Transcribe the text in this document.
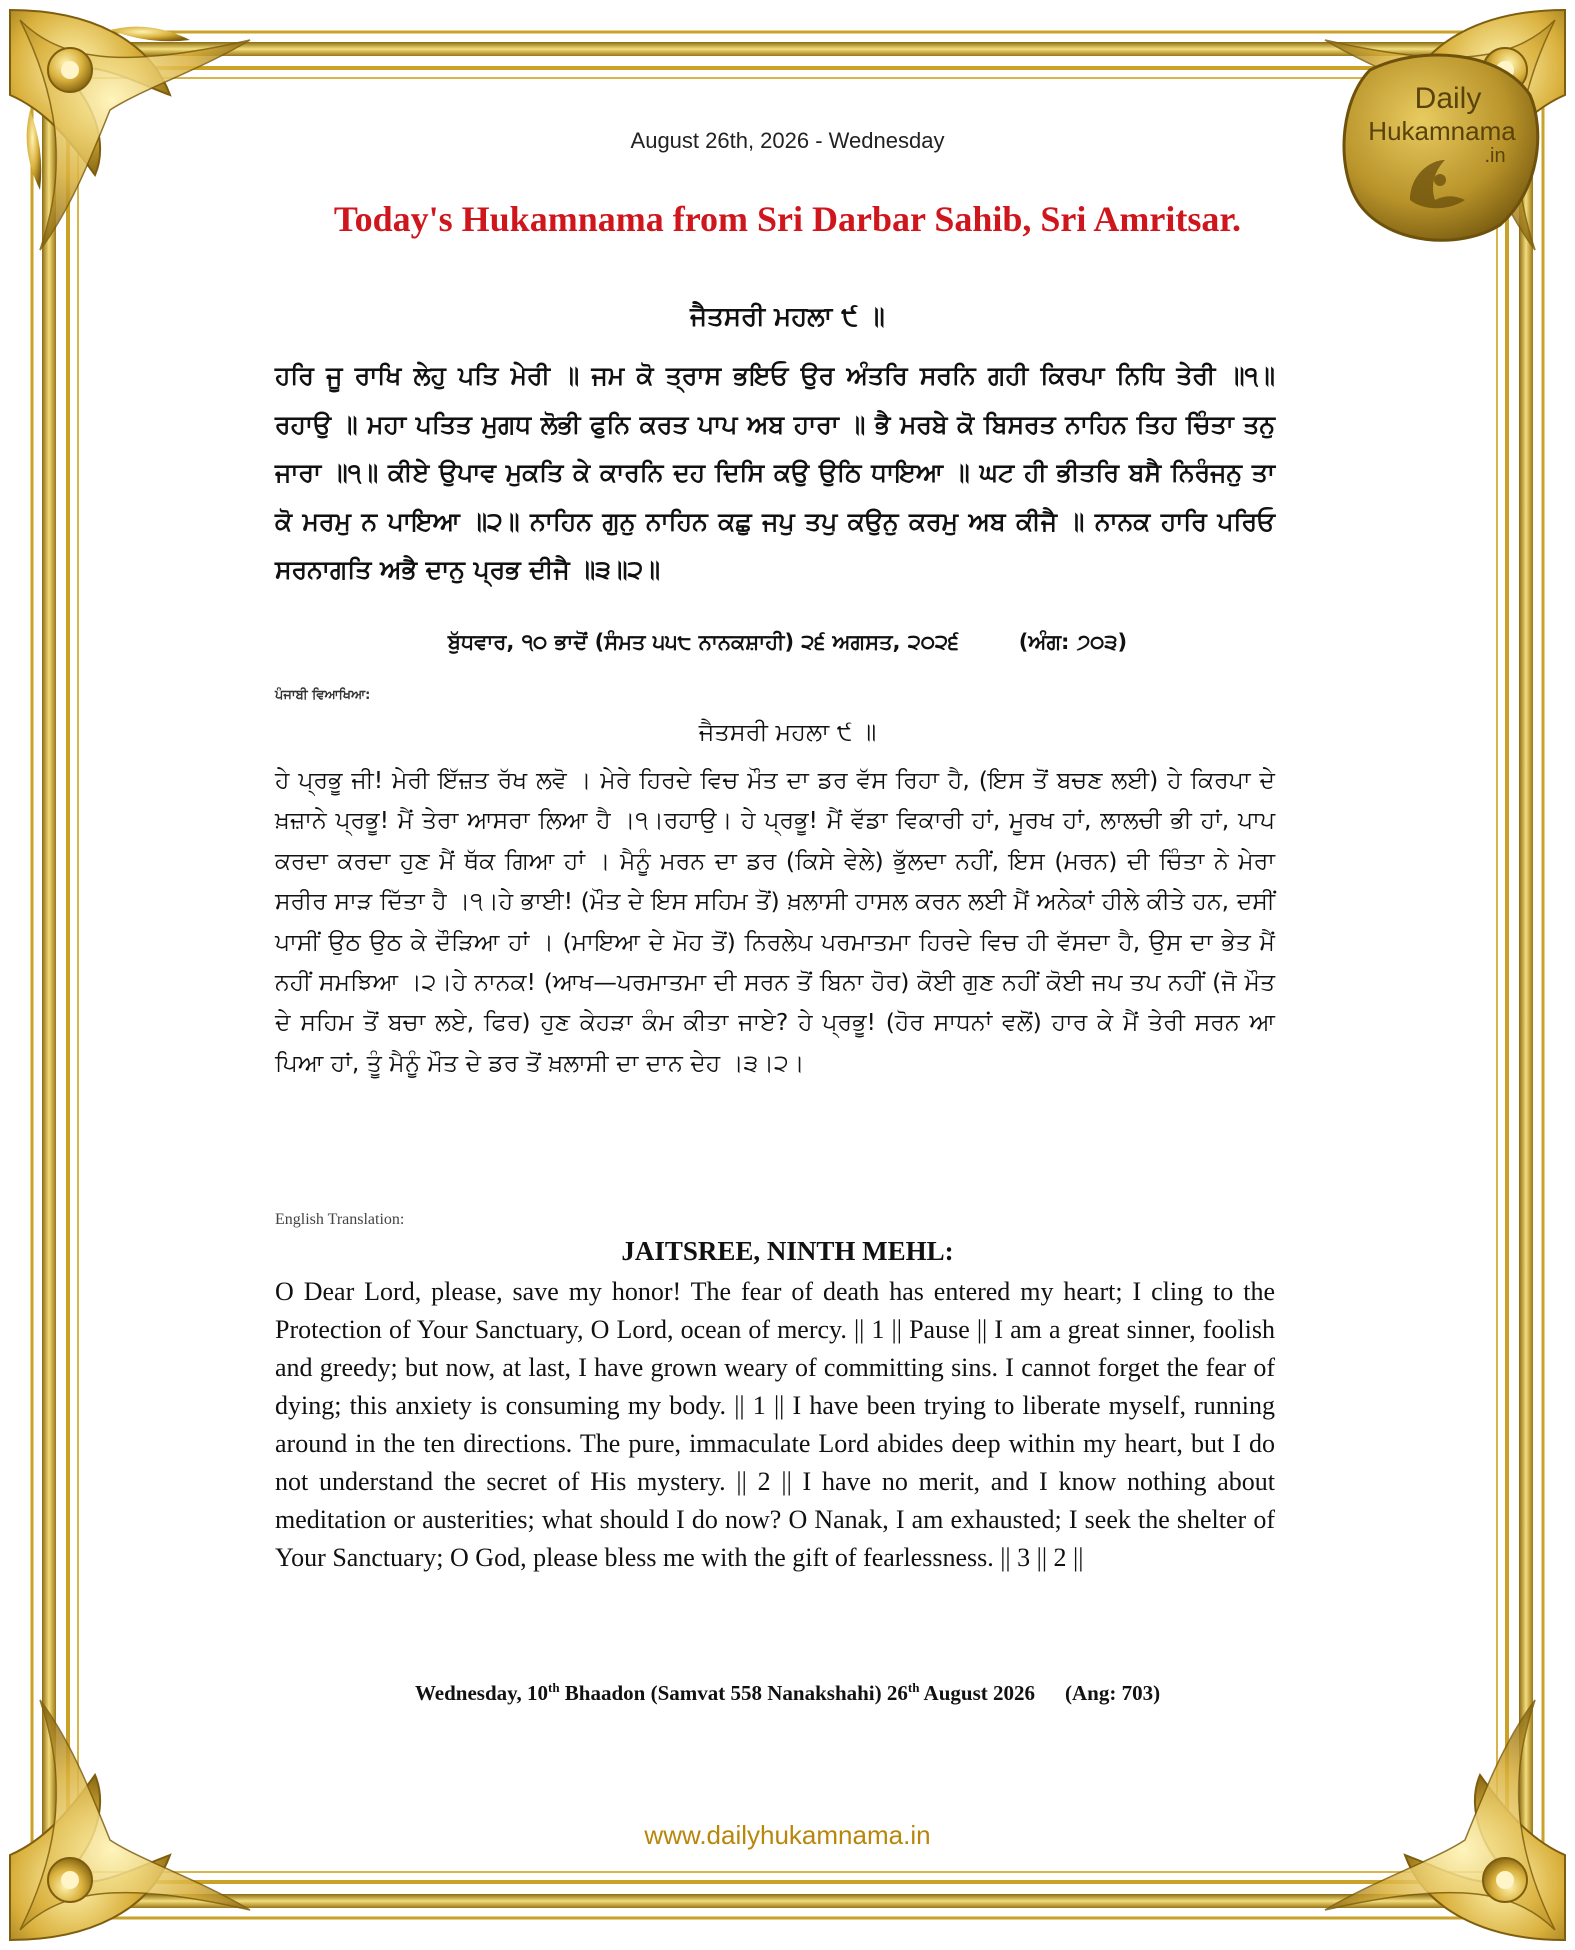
Daily
Hukamnama
.in
August 26th, 2026 - Wednesday
Today's Hukamnama from Sri Darbar Sahib, Sri Amritsar.
ਜੈਤਸਰੀ ਮਹਲਾ ੯ ॥
ਹਰਿ ਜੂ ਰਾਖਿ ਲੇਹੁ ਪਤਿ ਮੇਰੀ ॥ ਜਮ ਕੋ ਤ੍ਰਾਸ ਭਇਓ ਉਰ ਅੰਤਰਿ ਸਰਨਿ ਗਹੀ ਕਿਰਪਾ ਨਿਧਿ ਤੇਰੀ ॥੧॥ ਰਹਾਉ ॥ ਮਹਾ ਪਤਿਤ ਮੁਗਧ ਲੋਭੀ ਫੁਨਿ ਕਰਤ ਪਾਪ ਅਬ ਹਾਰਾ ॥ ਭੈ ਮਰਬੇ ਕੋ ਬਿਸਰਤ ਨਾਹਿਨ ਤਿਹ ਚਿੰਤਾ ਤਨੁ ਜਾਰਾ ॥੧॥ ਕੀਏ ਉਪਾਵ ਮੁਕਤਿ ਕੇ ਕਾਰਨਿ ਦਹ ਦਿਸਿ ਕਉ ਉਠਿ ਧਾਇਆ ॥ ਘਟ ਹੀ ਭੀਤਰਿ ਬਸੈ ਨਿਰੰਜਨੁ ਤਾ ਕੋ ਮਰਮੁ ਨ ਪਾਇਆ ॥੨॥ ਨਾਹਿਨ ਗੁਨੁ ਨਾਹਿਨ ਕਛੁ ਜਪੁ ਤਪੁ ਕਉਨੁ ਕਰਮੁ ਅਬ ਕੀਜੈ ॥ ਨਾਨਕ ਹਾਰਿ ਪਰਿਓ ਸਰਨਾਗਤਿ ਅਭੈ ਦਾਨੁ ਪ੍ਰਭ ਦੀਜੈ ॥੩॥੨॥
ਬੁੱਧਵਾਰ, ੧੦ ਭਾਦੋਂ (ਸੰਮਤ ੫੫੮ ਨਾਨਕਸ਼ਾਹੀ) ੨੬ ਅਗਸਤ, ੨੦੨੬	(ਅੰਗ: ੭੦੩)
ਪੰਜਾਬੀ ਵਿਆਖਿਆ:
ਜੈਤਸਰੀ ਮਹਲਾ ੯ ॥
ਹੇ ਪ੍ਰਭੂ ਜੀ! ਮੇਰੀ ਇੱਜ਼ਤ ਰੱਖ ਲਵੋ । ਮੇਰੇ ਹਿਰਦੇ ਵਿਚ ਮੌਤ ਦਾ ਡਰ ਵੱਸ ਰਿਹਾ ਹੈ, (ਇਸ ਤੋਂ ਬਚਣ ਲਈ) ਹੇ ਕਿਰਪਾ ਦੇ ਖ਼ਜ਼ਾਨੇ ਪ੍ਰਭੂ! ਮੈਂ ਤੇਰਾ ਆਸਰਾ ਲਿਆ ਹੈ ।੧।ਰਹਾਉ। ਹੇ ਪ੍ਰਭੂ! ਮੈਂ ਵੱਡਾ ਵਿਕਾਰੀ ਹਾਂ, ਮੂਰਖ ਹਾਂ, ਲਾਲਚੀ ਭੀ ਹਾਂ, ਪਾਪ ਕਰਦਾ ਕਰਦਾ ਹੁਣ ਮੈਂ ਥੱਕ ਗਿਆ ਹਾਂ । ਮੈਨੂੰ ਮਰਨ ਦਾ ਡਰ (ਕਿਸੇ ਵੇਲੇ) ਭੁੱਲਦਾ ਨਹੀਂ, ਇਸ (ਮਰਨ) ਦੀ ਚਿੰਤਾ ਨੇ ਮੇਰਾ ਸਰੀਰ ਸਾੜ ਦਿੱਤਾ ਹੈ ।੧।ਹੇ ਭਾਈ! (ਮੌਤ ਦੇ ਇਸ ਸਹਿਮ ਤੋਂ) ਖ਼ਲਾਸੀ ਹਾਸਲ ਕਰਨ ਲਈ ਮੈਂ ਅਨੇਕਾਂ ਹੀਲੇ ਕੀਤੇ ਹਨ, ਦਸੀਂ ਪਾਸੀਂ ਉਠ ਉਠ ਕੇ ਦੌੜਿਆ ਹਾਂ । (ਮਾਇਆ ਦੇ ਮੋਹ ਤੋਂ) ਨਿਰਲੇਪ ਪਰਮਾਤਮਾ ਹਿਰਦੇ ਵਿਚ ਹੀ ਵੱਸਦਾ ਹੈ, ਉਸ ਦਾ ਭੇਤ ਮੈਂ ਨਹੀਂ ਸਮਝਿਆ ।੨।ਹੇ ਨਾਨਕ! (ਆਖ—ਪਰਮਾਤਮਾ ਦੀ ਸਰਨ ਤੋਂ ਬਿਨਾ ਹੋਰ) ਕੋਈ ਗੁਣ ਨਹੀਂ ਕੋਈ ਜਪ ਤਪ ਨਹੀਂ (ਜੋ ਮੌਤ ਦੇ ਸਹਿਮ ਤੋਂ ਬਚਾ ਲਏ, ਫਿਰ) ਹੁਣ ਕੇਹੜਾ ਕੰਮ ਕੀਤਾ ਜਾਏ? ਹੇ ਪ੍ਰਭੂ! (ਹੋਰ ਸਾਧਨਾਂ ਵਲੋਂ) ਹਾਰ ਕੇ ਮੈਂ ਤੇਰੀ ਸਰਨ ਆ ਪਿਆ ਹਾਂ, ਤੂੰ ਮੈਨੂੰ ਮੌਤ ਦੇ ਡਰ ਤੋਂ ਖ਼ਲਾਸੀ ਦਾ ਦਾਨ ਦੇਹ ।੩।੨।
English Translation:
JAITSREE, NINTH MEHL:
O Dear Lord, please, save my honor! The fear of death has entered my heart; I cling to the Protection of Your Sanctuary, O Lord, ocean of mercy. || 1 || Pause || I am a great sinner, foolish and greedy; but now, at last, I have grown weary of committing sins. I cannot forget the fear of dying; this anxiety is consuming my body. || 1 || I have been trying to liberate myself, running around in the ten directions. The pure, immaculate Lord abides deep within my heart, but I do not understand the secret of His mystery. || 2 || I have no merit, and I know nothing about meditation or austerities; what should I do now? O Nanak, I am exhausted; I seek the shelter of Your Sanctuary; O God, please bless me with the gift of fearlessness. || 3 || 2 ||
Wednesday, 10th Bhaadon (Samvat 558 Nanakshahi) 26th August 2026 (Ang: 703)
www.dailyhukamnama.in
